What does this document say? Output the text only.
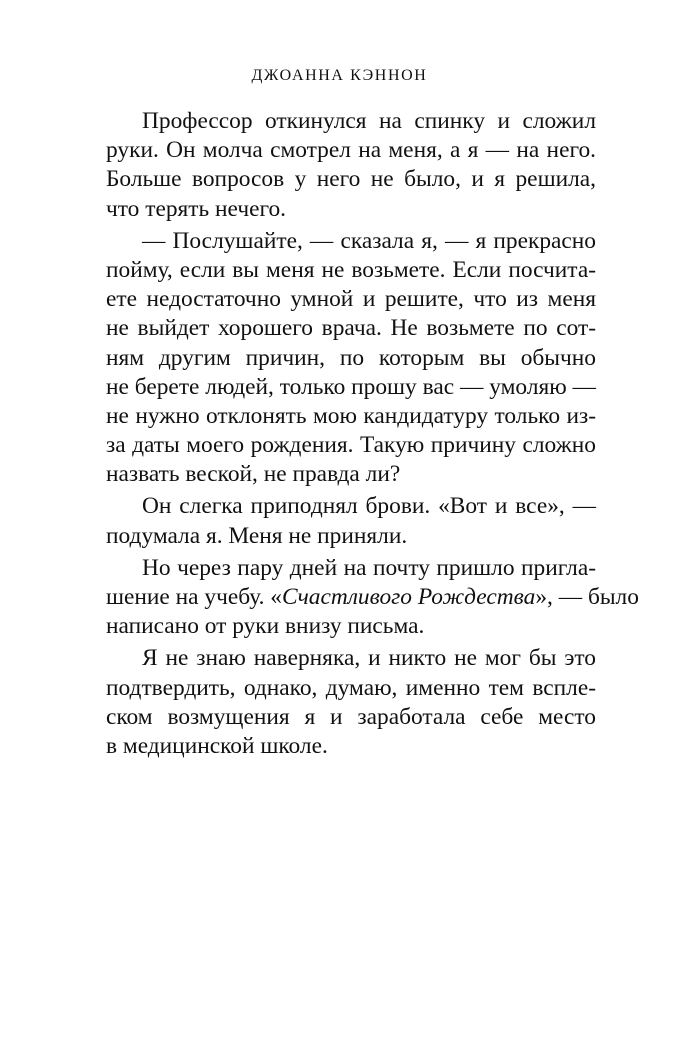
ДЖОАННА КЭННОН
Профессор откинулся на спинку и сложил
руки. Он молча смотрел на меня, а я — на него.
Больше вопросов у него не было, и я решила,
что терять нечего.
— Послушайте, — сказала я, — я прекрасно
пойму, если вы меня не возьмете. Если посчита-
ете недостаточно умной и решите, что из меня
не выйдет хорошего врача. Не возьмете по сот-
ням другим причин, по которым вы обычно
не берете людей, только прошу вас — умоляю —
не нужно отклонять мою кандидатуру только из-
за даты моего рождения. Такую причину сложно
назвать веской, не правда ли?
Он слегка приподнял брови. «Вот и все», —
подумала я. Меня не приняли.
Но через пару дней на почту пришло пригла-
шение на учебу. «Счастливого Рождества», — было
написано от руки внизу письма.
Я не знаю наверняка, и никто не мог бы это
подтвердить, однако, думаю, именно тем вспле-
ском возмущения я и заработала себе место
в медицинской школе.
